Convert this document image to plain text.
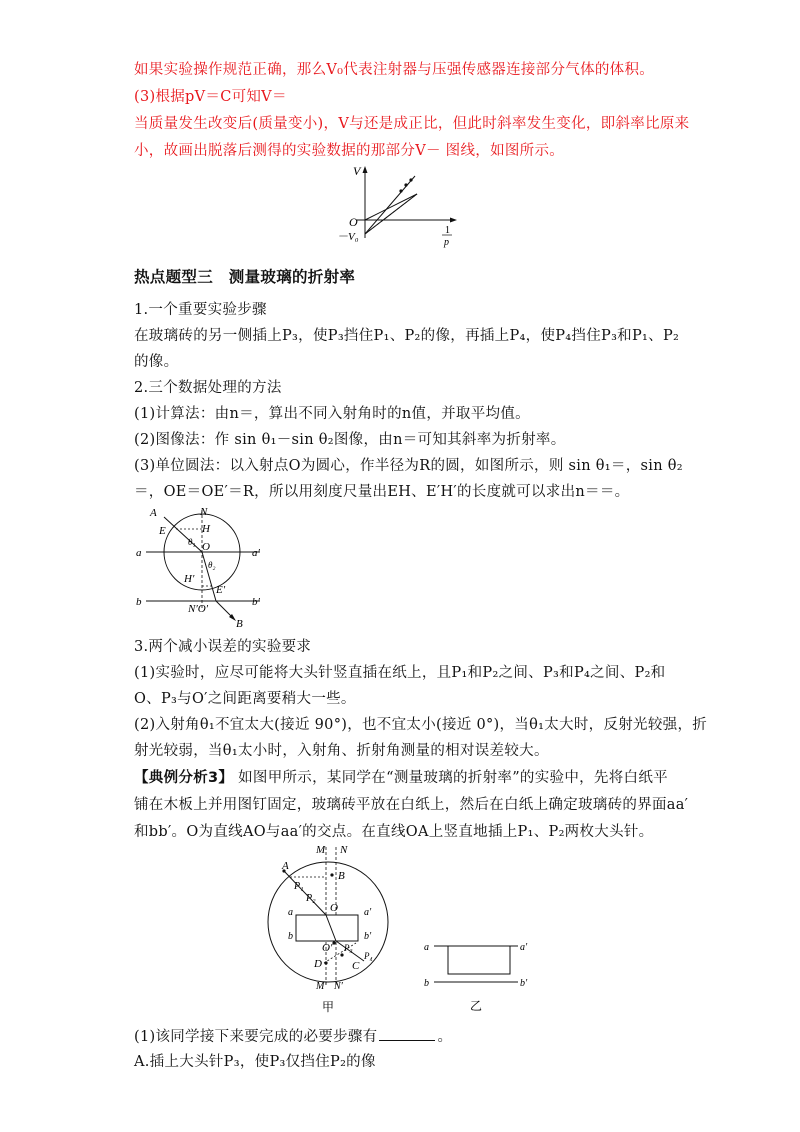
如果实验操作规范正确，那么V₀代表注射器与压强传感器连接部分气体的体积。
(3)根据pV＝C可知V＝
当质量发生改变后(质量变小)，V与还是成正比，但此时斜率发生变化，即斜率比原来
小，故画出脱落后测得的实验数据的那部分V－ 图线，如图所示。
V
O
－V₀
1
p
热点题型三　测量玻璃的折射率
1.一个重要实验步骤
在玻璃砖的另一侧插上P₃，使P₃挡住P₁、P₂的像，再插上P₄，使P₄挡住P₃和P₁、P₂
的像。
2.三个数据处理的方法
(1)计算法：由n＝，算出不同入射角时的n值，并取平均值。
(2)图像法：作 sin θ₁－sin θ₂图像，由n＝可知其斜率为折射率。
(3)单位圆法：以入射点O为圆心，作半径为R的圆，如图所示，则 sin θ₁＝，sin θ₂
＝，OE＝OE′＝R，所以用刻度尺量出EH、E′H′的长度就可以求出n＝＝。
A	N
E	H
θ₁ O
θ₂
a	a′
H′
E′
b	b′
N′O′
B
3.两个减小误差的实验要求
(1)实验时，应尽可能将大头针竖直插在纸上，且P₁和P₂之间、P₃和P₄之间、P₂和
O、P₃与O′之间距离要稍大一些。
(2)入射角θ₁不宜太大(接近 90°)，也不宜太小(接近 0°)，当θ₁太大时，反射光较强，折
射光较弱，当θ₁太小时，入射角、折射角测量的相对误差较大。
【典例分析3】 如图甲所示，某同学在“测量玻璃的折射率”的实验中，先将白纸平
铺在木板上并用图钉固定，玻璃砖平放在白纸上，然后在白纸上确定玻璃砖的界面aa′
和bb′。O为直线AO与aa′的交点。在直线OA上竖直地插上P₁、P₂两枚大头针。
M N
A
B
P₁
P₂
O
a	a′
b	b′
O′ P₃
P₄
C
D
M′ N′
甲
a	a′
b	b′
乙
(1)该同学接下来要完成的必要步骤有	。
A.插上大头针P₃，使P₃仅挡住P₂的像
